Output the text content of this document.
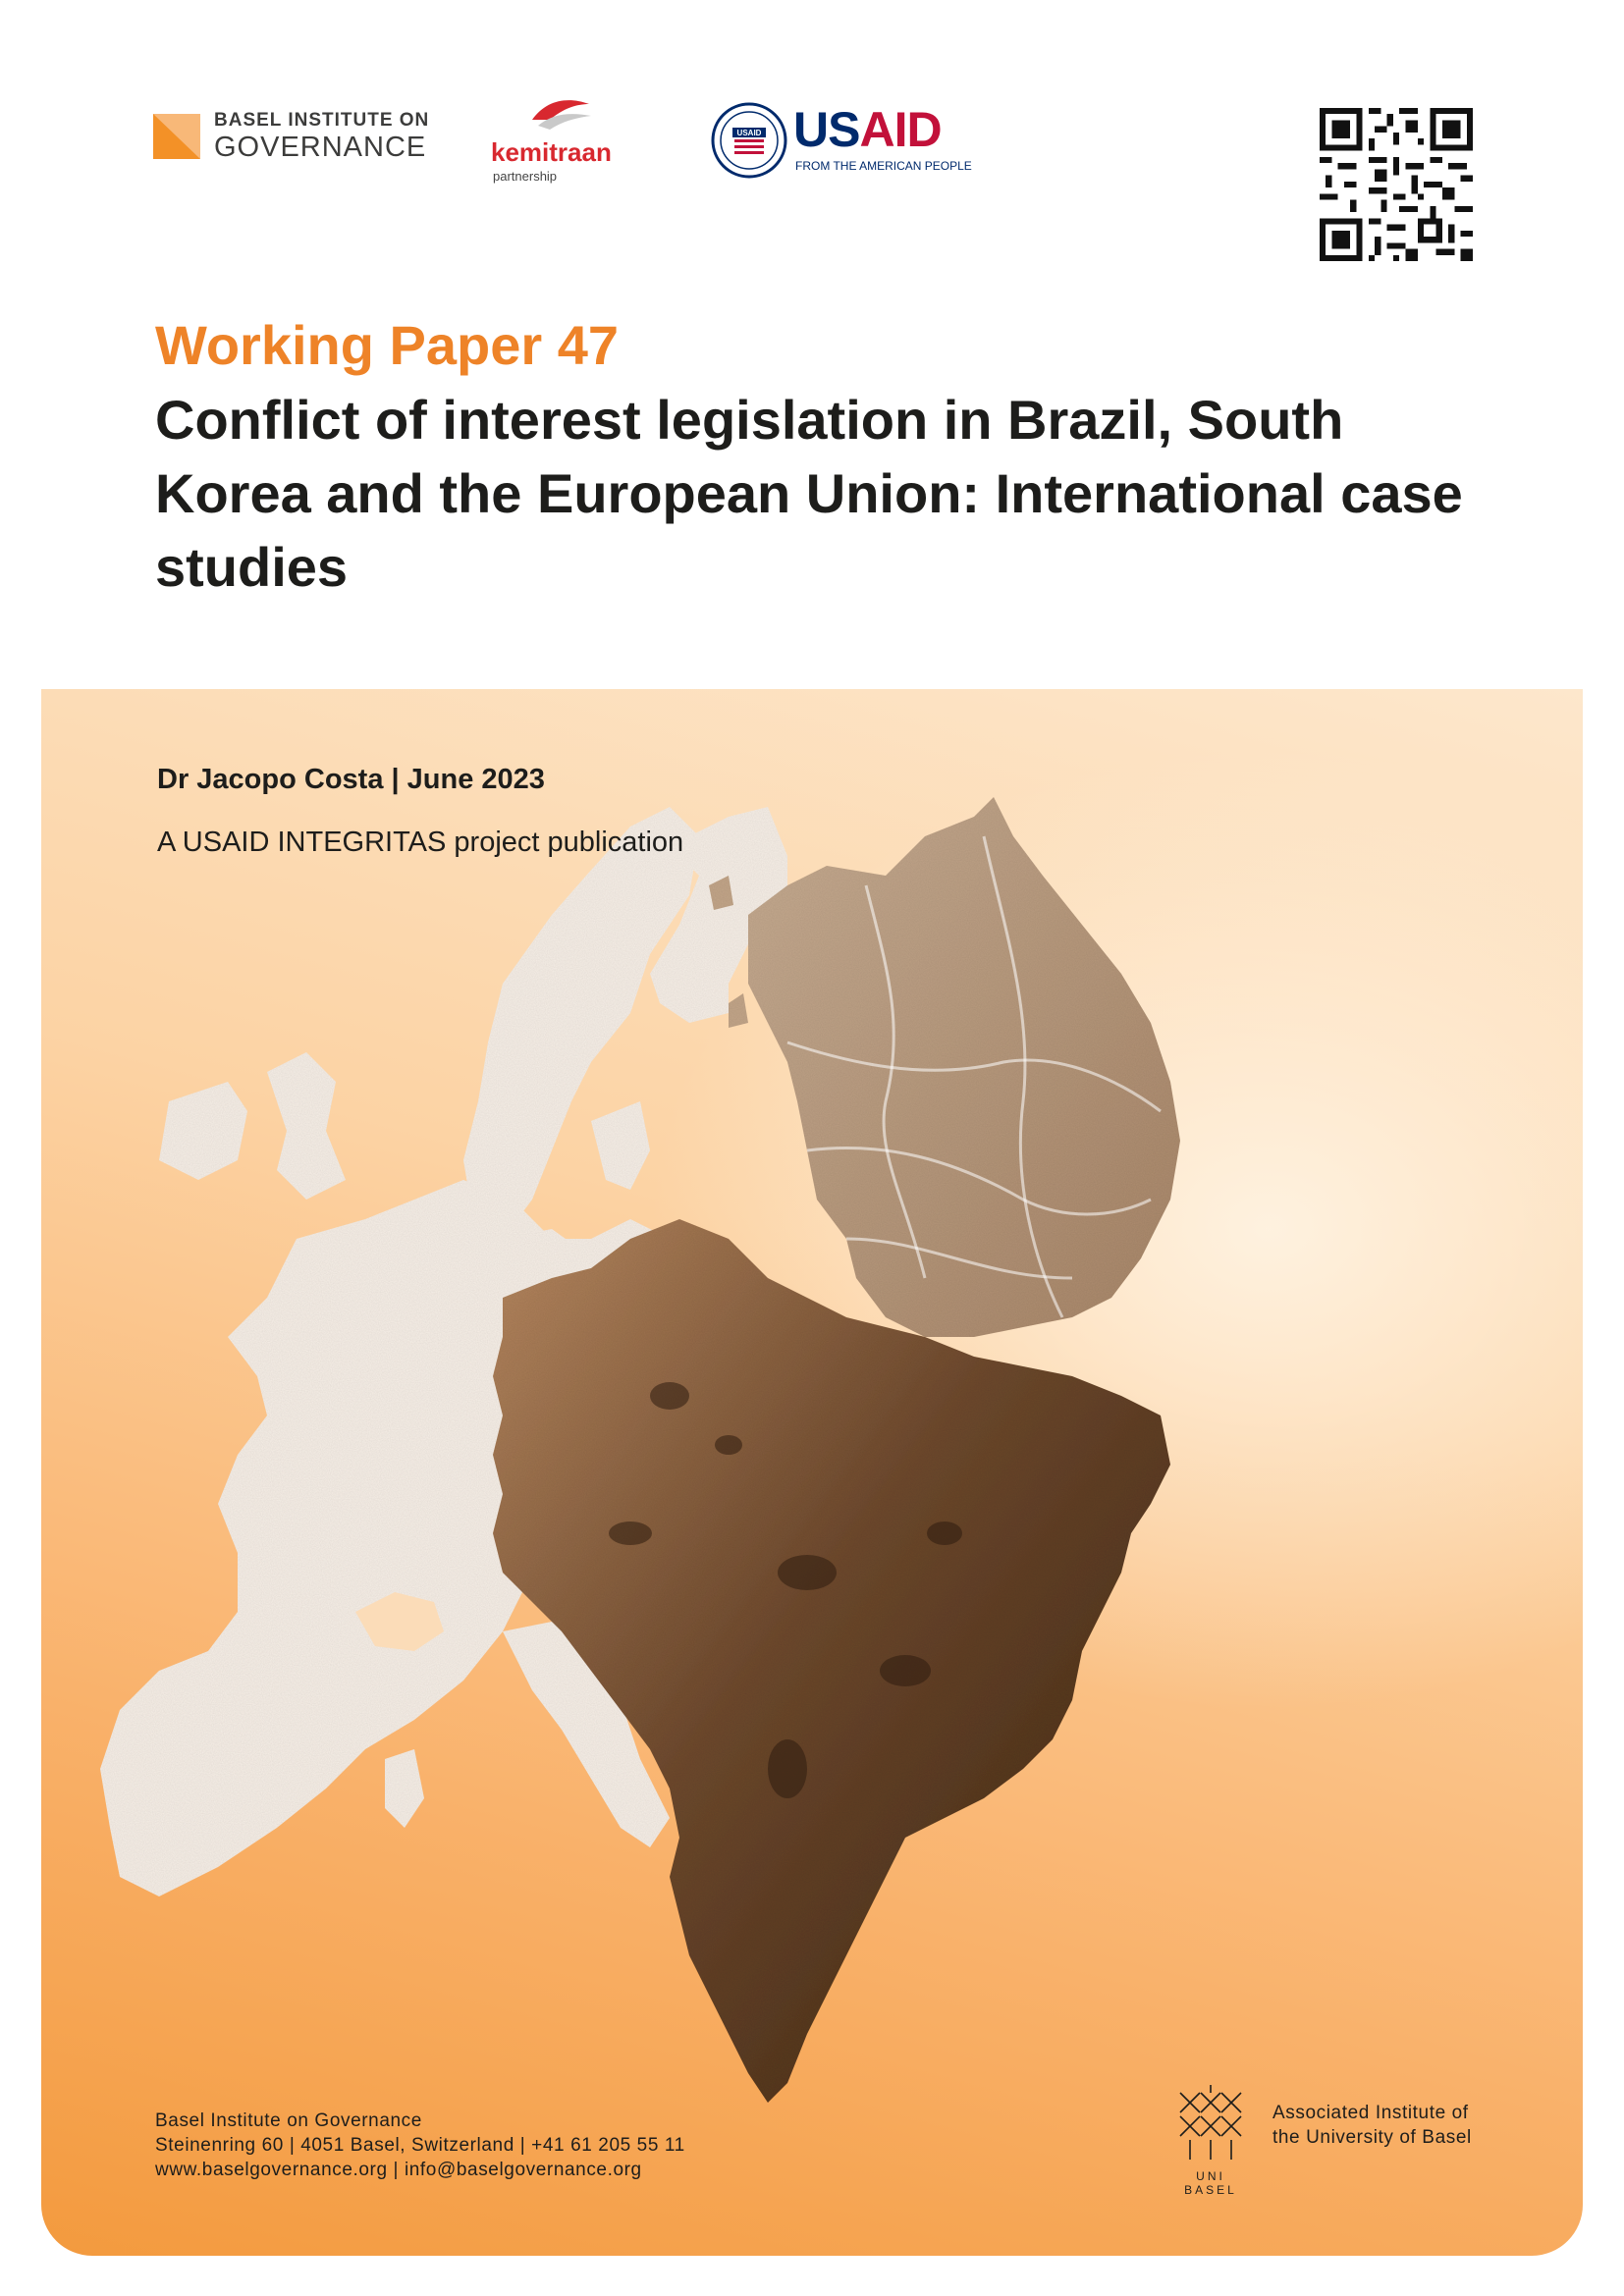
BASEL INSTITUTE ON
GOVERNANCE	kemitraan
partnership
USAID USAID
FROM THE AMERICAN PEOPLE
Working Paper 47
Conflict of interest legislation in Brazil, South Korea and the European Union: International case studies
Dr Jacopo Costa | June 2023
A USAID INTEGRITAS project publication
Basel Institute on Governance
Steinenring 60 | 4051 Basel, Switzerland | +41 61 205 55 11
www.baselgovernance.org | info@baselgovernance.org	UNI
BASEL
Associated Institute of
the University of Basel
